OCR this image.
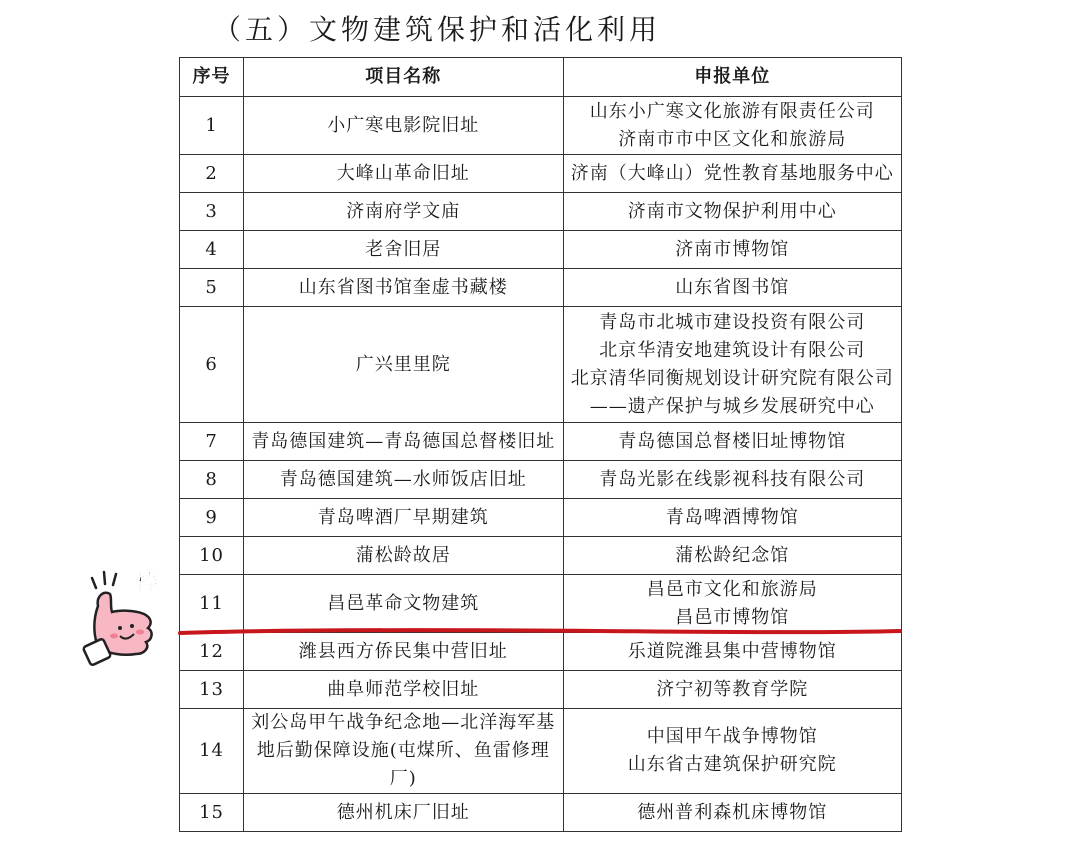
（五）文物建筑保护和活化利用
序号	项目名称	申报单位
1	小广寒电影院旧址	山东小广寒文化旅游有限责任公司
济南市市中区文化和旅游局

2	大峰山革命旧址	济南（大峰山）党性教育基地服务中心

3	济南府学文庙	济南市文物保护利用中心

4	老舍旧居	济南市博物馆

5	山东省图书馆奎虚书藏楼	山东省图书馆

6	广兴里里院	青岛市北城市建设投资有限公司
北京华清安地建筑设计有限公司
北京清华同衡规划设计研究院有限公司
——遗产保护与城乡发展研究中心

7	青岛德国建筑—青岛德国总督楼旧址	青岛德国总督楼旧址博物馆

8	青岛德国建筑—水师饭店旧址	青岛光影在线影视科技有限公司

9	青岛啤酒厂早期建筑	青岛啤酒博物馆

10	蒲松龄故居	蒲松龄纪念馆

11	昌邑革命文物建筑	昌邑市文化和旅游局
昌邑市博物馆

12	潍县西方侨民集中营旧址	乐道院潍县集中营博物馆

13	曲阜师范学校旧址	济宁初等教育学院

14	刘公岛甲午战争纪念地—北洋海军基
地后勤保障设施(屯煤所、鱼雷修理厂)	中国甲午战争博物馆
山东省古建筑保护研究院

15	德州机床厂旧址	德州普利森机床博物馆
棒
